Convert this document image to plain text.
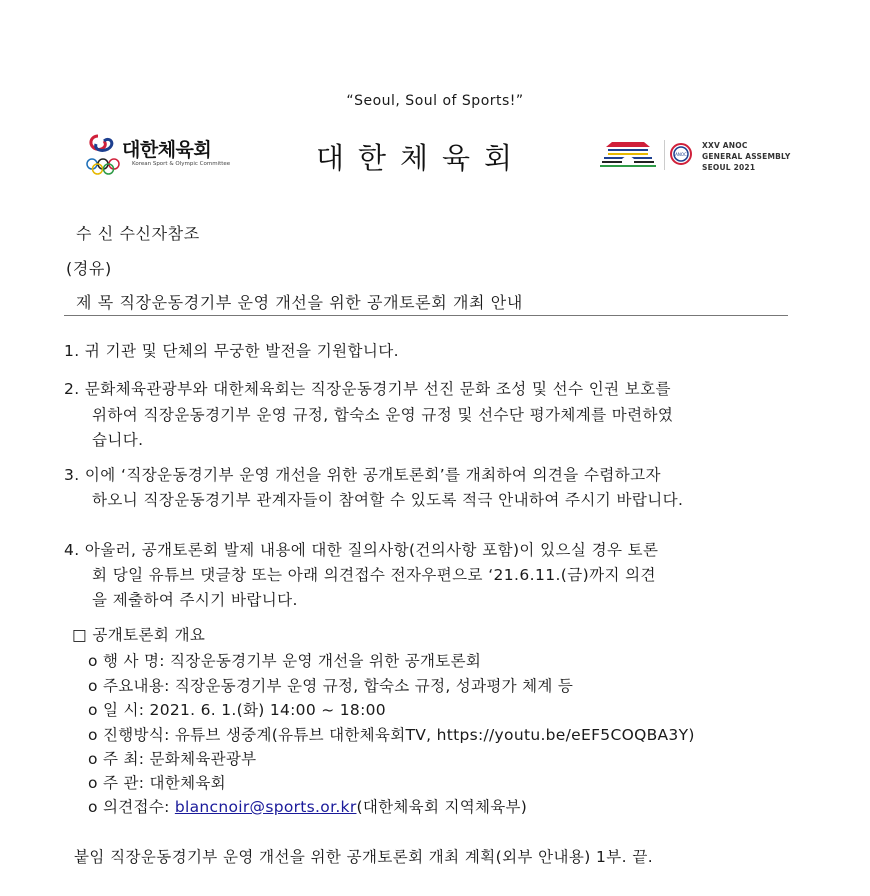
“Seoul, Soul of Sports!”
대한체육회
Korean Sport & Olympic Committee	대한체육회	ANOC
XXV ANOC
GENERAL ASSEMBLY
SEOUL 2021
수 신 수신자참조
(경유)
제 목 직장운동경기부 운영 개선을 위한 공개토론회 개최 안내
1. 귀 기관 및 단체의 무궁한 발전을 기원합니다.
2. 문화체육관광부와 대한체육회는 직장운동경기부 선진 문화 조성 및 선수 인권 보호를
위하여 직장운동경기부 운영 규정, 합숙소 운영 규정 및 선수단 평가체계를 마련하였
습니다.
3. 이에 ‘직장운동경기부 운영 개선을 위한 공개토론회’를 개최하여 의견을 수렴하고자
하오니 직장운동경기부 관계자들이 참여할 수 있도록 적극 안내하여 주시기 바랍니다.
4. 아울러, 공개토론회 발제 내용에 대한 질의사항(건의사항 포함)이 있으실 경우 토론
회 당일 유튜브 댓글창 또는 아래 의견접수 전자우편으로 ‘21.6.11.(금)까지 의견
을 제출하여 주시기 바랍니다.
□ 공개토론회 개요
o 행 사 명: 직장운동경기부 운영 개선을 위한 공개토론회
o 주요내용: 직장운동경기부 운영 규정, 합숙소 규정, 성과평가 체계 등
o 일 시: 2021. 6. 1.(화) 14:00 ~ 18:00
o 진행방식: 유튜브 생중계(유튜브 대한체육회TV, https://youtu.be/eEF5COQBA3Y)
o 주 최: 문화체육관광부
o 주 관: 대한체육회
o 의견접수: blancnoir@sports.or.kr(대한체육회 지역체육부)
붙임 직장운동경기부 운영 개선을 위한 공개토론회 개최 계획(외부 안내용) 1부. 끝.
